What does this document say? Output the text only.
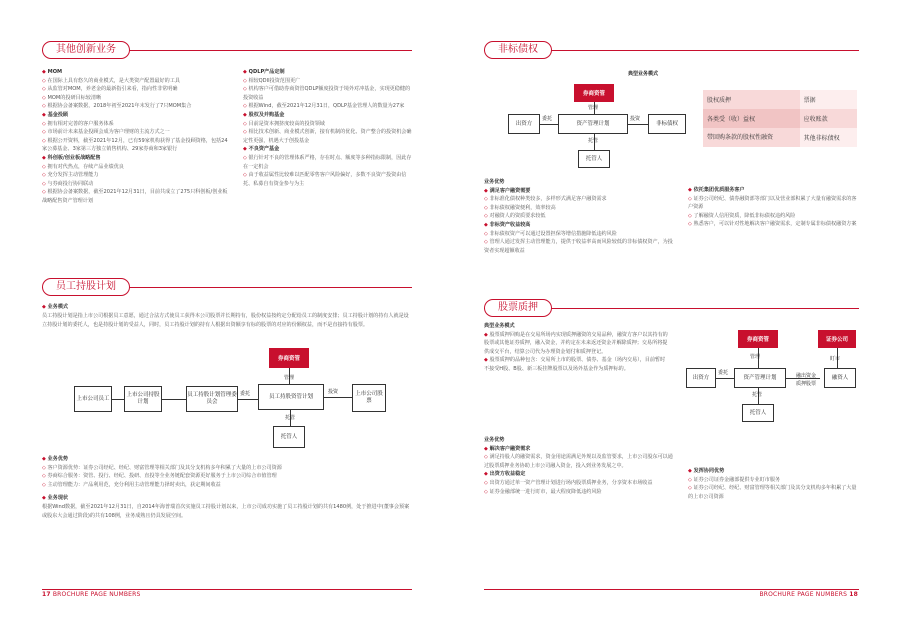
其他创新业务
◆ MOM
◇ 在国际上具有悠久的商业模式，是大类资产配置最好的工具
◇ 从监管对MOM，养老金的最新指引来看，指向性非常明确
◇ MOM的投研目标较清晰
◇ 根据协会备案数据，2018年初至2021年末发行了7只MOM集合
◆ 基金投顾
◇ 拥有相对完善的客户服务体系
◇ 市场前计未来基金投顾会成为客户理财的主流方式之一
◇ 根据公开资料，截至2021年12月，已有59家机构获得了基金投顾资格，包括24家公募基金、3家第三方独立销售机构、29家券商和3家银行
◆ 科创板/创业板战略配售
◇ 拥有对代热点，存续产品业绩优良
◇ 充分发挥主动管理能力
◇ 与券商投行协同联动
◇ 根据协会备案数据，截至2021年12月31日，目前共成立了275只科创板/创业板战略配售资产管理计划
◆ QDLP产品定制
◇ 相较QDII投资范围更广
◇ 机构客户可借助券商资管QDLP额度投资于境外对冲基金，实现更稳健的投资收益
◇ 根据Wind，截至2021年12月31日，QDLP基金管理人的数量为27家
◆ 股权及并购基金
◇ 目前是资本拥挤度较高的投资领域
◇ 相比技术创新、商业模式创新，接有机制的优化、资产整合的投资机会确定性更强，机遇大于创投基金
◆ 不良资产基金
◇ 银行针对不良的管理体系严格，存在时点、额度等多种指标限制，因此存在一定机会
◇ 由于收益属性比较难以匹配零售客户风险偏好，多数不良资产投资由信托、私募自有资金参与为主
员工持股计划
◆ 业务模式
员工持股计划是指上市公司根据员工意愿，通过合法方式使员工获得本公司股票并长期持有，股份权益按约定分配给员工的制度安排；员工持股计划的持有人就是设立持股计划的委托人，也是持股计划的受益人，同时，员工持股计划的持有人根据出资额享有标的股票的对应的份额权益，而不是直接持有股票。
券商资管
管理
上市公司员工
上市公司持股计划
员工持股计划管理委员会
委托	员工持股资管计划
投资	上市公司股票
托管
托管人
◆ 业务优势
◇ 客户资源优势：证券公司经纪、经纪、财富管理等相关部门及其分支机构多年积累了大量的上市公司资源
◇ 券商综合服务：资管、投行、经纪、投研、直投等全业务链配套资源更好服务于上市公司综合市值管理
◇ 主动管理能力：产品利用范，充分利用主动管理能力择时卖出，获定期间收益
◆ 业务现状
根据Wind数据，截至2021年12月31日，自2014年海普瑞首次实施员工持股计划以来，上市公司成功实施了员工持股计划的共有1480例，处于推进中(董事会预案或股东大会通过阶段)的共有108例，业务成熟且仍具发展空间。
17 BROCHURE PAGE NUMBERS
非标债权
典型业务模式
券商资管
管理
出资方
委托
资产管理计划
投资
非标债权
托管
托管人
股权质押	票据
各类受（收）益权	应收账款
带回购条款的股权性融资	其他非标债权
业务优势
◆ 满足客户融资需要
◇ 非标准化债权种类较多，多样形式满足客户融资需求
◇ 非标债权融资便利，效率较高
◇ 对融资人的资质要求较低
◆ 非标资产收益较高
◇ 非标债权资产可以通过设置担保等增信措施降低违约风险
◇ 管理人通过发挥主动管理能力，提供于收益率高而风险较低的非标债权资产，为投资者实现超额收益
◆ 依托集团优质服务客户
◇ 证券公司经纪、债券融资部等部门以及营业部积累了大量有融资需求的客户资源
◇ 了解融资人信用资质，降低非标债权违约风险
◇ 熟悉客户，可以针对性地解决客户融资需求，定制专属非标债权融资方案
股票质押
典型业务模式
◆ 股票质押回购是在交易所场内实现质押融资的交易品种，融资方客户以其持有的股票或其他证券质押，融入资金，并约定在未来返还资金并解除质押；交易所将提供成交平台，结算公司代为办理资金划付和质押登记。
◆ 股票质押的品种包含：交易所上市的股票、债券、基金（场内交易），目前暂时不接受H股、B股、新三板挂牌股票以及场外基金作为质押标的。
券商资管	证券公司
管理	盯市
出资方
委托
资产管理计划	融出资金
质押股票
融资人
托管
托管人
业务优势
◆ 解决客户融资需求
◇ 满足持股人的融资需求，资金用途需满足外规以及监管要求，上市公司股东可以通过股票质押业务协助上市公司融入资金，投入到业务发展之中。
◆ 出资方收益稳定
◇ 出资方通过单一资产管理计划进行场内股票质押业务，分享资本市场收益
◇ 证券金融部统一进行盯市，最大程度降低违约风险
◆ 发挥协同优势
◇ 证券公司证券金融部提供专业盯市服务
◇ 证券公司经纪、经纪、财富管理等相关部门及其分支机构多年积累了大量的上市公司资源
BROCHURE PAGE NUMBERS 18
